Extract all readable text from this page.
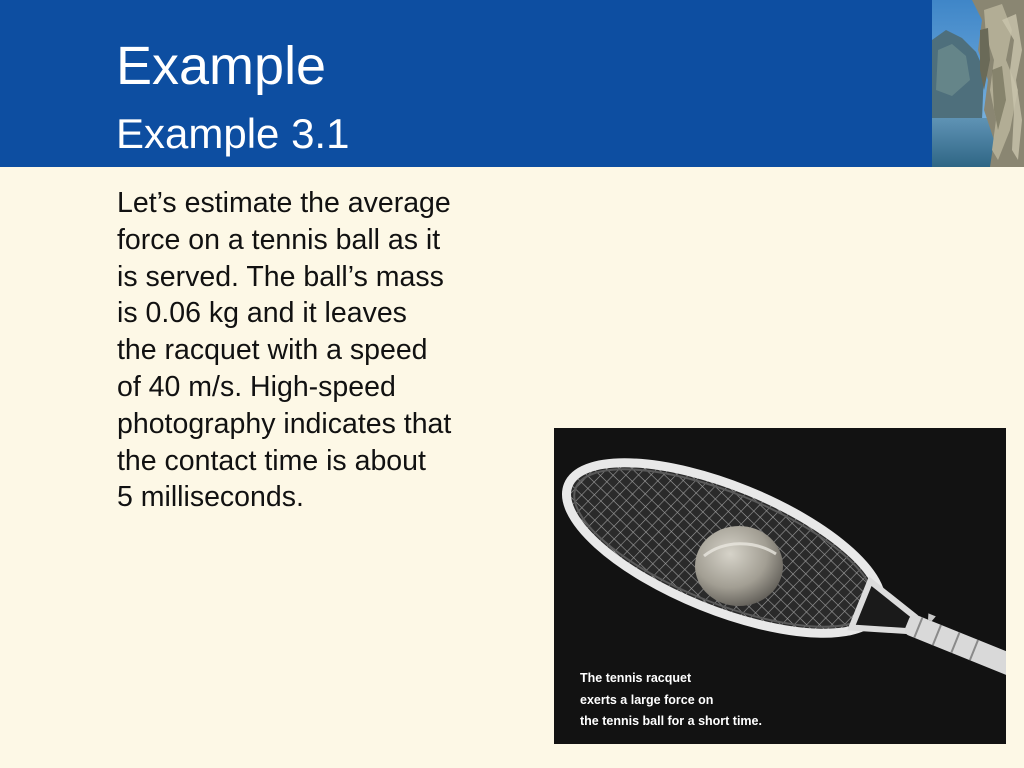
Example
Example 3.1
Let’s estimate the average
force on a tennis ball as it
is served. The ball’s mass
is 0.06 kg and it leaves
the racquet with a speed
of 40 m/s. High-speed
photography indicates that
the contact time is about
5 milliseconds.
The tennis racquet
exerts a large force on
the tennis ball for a short time.
